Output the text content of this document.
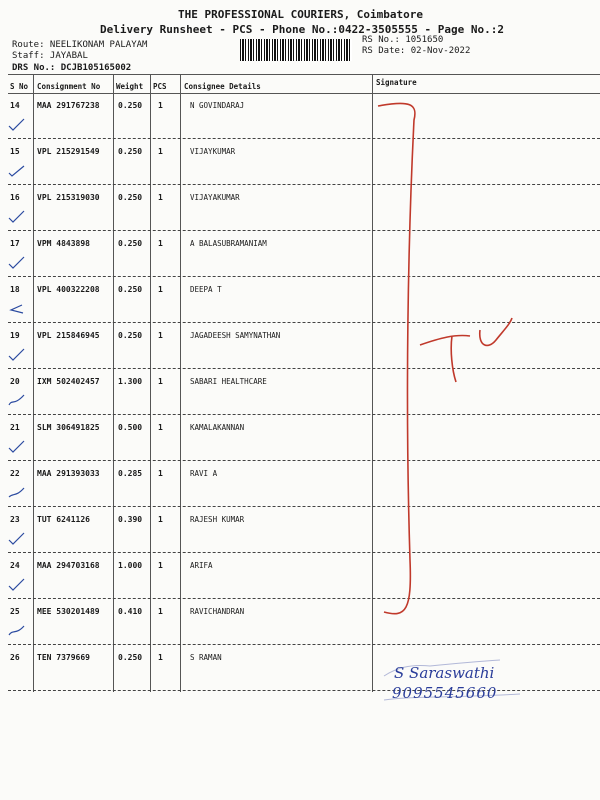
THE PROFESSIONAL COURIERS, Coimbatore
Delivery Runsheet - PCS - Phone No.:0422-3505555 - Page No.:2
Route: NEELIKONAM PALAYAM
Staff: JAYABAL
DRS No.: DCJB105165002
RS No.: 1051650
RS Date: 02-Nov-2022
S No Consignment No Weight PCS Consignee Details	Signature
14 MAA 291767238 0.250 1	N GOVINDARAJ
15 VPL 215291549 0.250 1	VIJAYKUMAR
16 VPL 215319030 0.250 1	VIJAYAKUMAR
17 VPM 4843898	0.250 1	A BALASUBRAMANIAM
18 VPL 400322208 0.250 1	DEEPA T
19 VPL 215846945 0.250 1	JAGADEESH SAMYNATHAN
20 IXM 502402457 1.300 1	SABARI HEALTHCARE
21 SLM 306491825 0.500 1	KAMALAKANNAN
22 MAA 291393033 0.285 1	RAVI A
23 TUT 6241126	0.390 1	RAJESH KUMAR
24 MAA 294703168 1.000 1	ARIFA
25 MEE 530201489 0.410 1	RAVICHANDRAN
26 TEN 7379669	0.250 1	S RAMAN
S Saraswathi
9095545660
